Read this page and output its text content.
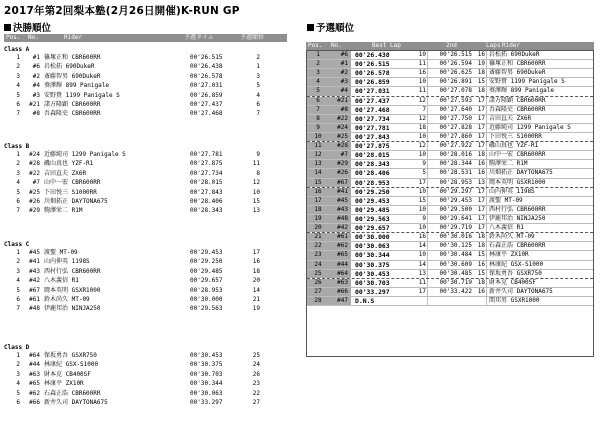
2017年第2回梨本塾(2月26日開催)K-RUN GP
決勝順位
Pos. No.	Rider	予選タイム	予選順位
Class A
1	#1 篠塚正和 CBR600RR	00'26.515	2
2	#6 岩松拓 690DukeR	00'26.438	1
3	#2 斎藤智男 690DukeR	00'26.578	3
4	#4 葵澤輝 899 Panigale	00'27.031	5
5	#3 安野貴 1199 Panigale S	00'26.859	4
6	#21 諸方隆顕 CBR600RR	00'27.437	6
7	#8 吾森隆史 CBR600RR	00'27.468	7
Class B
1	#24 近藤純司 1299 Panigale S	00'27.781	9
2	#28 磯山真也 YZF-R1	00'27.875	11
3	#22 吉田直夫 ZX6R	00'27.734	8
4	#7 山中一宏 CBR600RR	00'28.015	12
5	#25 下田悦三 S1000RR	00'27.843	10
6	#26 川畑拓正 DAYTONA675	00'28.406	15
7	#29 駒澤栄二 R1M	00'28.343	13
Class C
1	#45 渡聖 MT-09	00'29.453	17
2	#41 山内伸英 1198S	00'29.250	16
3	#43 西村行弘 CBR600RR	00'29.485	18
4	#42 八木義信 R1	00'29.657	20
5	#67 岡本英明 GSXR1000	00'28.953	14
6	#61 鈴木尚久 MT-09	00'30.000	21
7	#48 伊鹿邦治 NINJA250	00'29.563	19
Class D
1	#64 保坂勇吾 GSXR750	00'30.453	25
2	#44 林康紀 GSX-S1000	00'30.375	24
3	#63 財本克 CB400SF	00'30.703	26
4	#65 林康平 ZX10R	00'30.344	23
5	#62 石森正浩 CBR600RR	00'30.063	22
6	#66 新井久司 DAYTONA675	00'33.297	27
予選順位
Pos. No.	Best Lap	2nd	Laps Rider
1	#6	00'26.438	10	00'26.515 16 岩松拓 690DukeR
2	#1	00'26.515	11	00'26.594 19 篠塚正和 CBR600RR
3	#2	00'26.578	16	00'26.625 18 斎藤智男 690DukeR
4	#3	00'26.859	10	00'26.891 15 安野貴 1199 Panigale S
5	#4	00'27.031	11	00'27.078 18 葵澤輝 899 Panigale
6	#21	00'27.437	12	00'27.593 17 諸方隆顕 CBR600RR
7	#8	00'27.468	7	00'27.640 17 吾森隆史 CBR600RR
8	#22	00'27.734	12	00'27.750 17 吉田直夫 ZX6R
9	#24	00'27.781	18	00'27.828 17 近藤純司 1299 Panigale S
10	#25	00'27.843	10	00'27.860 17 下田悦三 S1000RR
11	#28	00'27.875	12	00'27.922 17 磯山真也 YZF-R1
12	#7	00'28.015	10	00'28.016 18 山中一宏 CBR600RR
13	#29	00'28.343	9	00'28.344 16 駒澤栄二 R1M
14	#26	00'28.406	5	00'28.531 16 川畑拓正 DAYTONA675
15	#67	00'28.953	17	00'28.953 13 岡本英明 GSXR1000
16	#41	00'29.250	10	00'29.297 17 山内伸英 1198S
17	#45	00'29.453	15	00'29.453 17 渡聖 MT-09
18	#43	00'29.485	10	00'29.500 17 西村行弘 CBR600RR
19	#48	00'29.563	9	00'29.641 17 伊鹿邦治 NINJA250
20	#42	00'29.657	10	00'29.719 17 八木義信 R1
21	#61	00'30.000	16	00'30.016 18 鈴木尚久 MT-09
22	#62	00'30.063	14	00'30.125 18 石森正浩 CBR600RR
23	#65	00'30.344	10	00'30.484 15 林康平 ZX10R
24	#44	00'30.375	14	00'30.609 16 林康紀 GSX-S1000
25	#64	00'30.453	13	00'30.485 15 保坂勇吾 GSXR750
26	#63	00'30.703	11	00'30.719 18 財本克 CB400SF
27	#66	00'33.297	17	00'33.422 16 新井久司 DAYTONA675
28	#47	D.N.S	関邦男 GSXR1000
